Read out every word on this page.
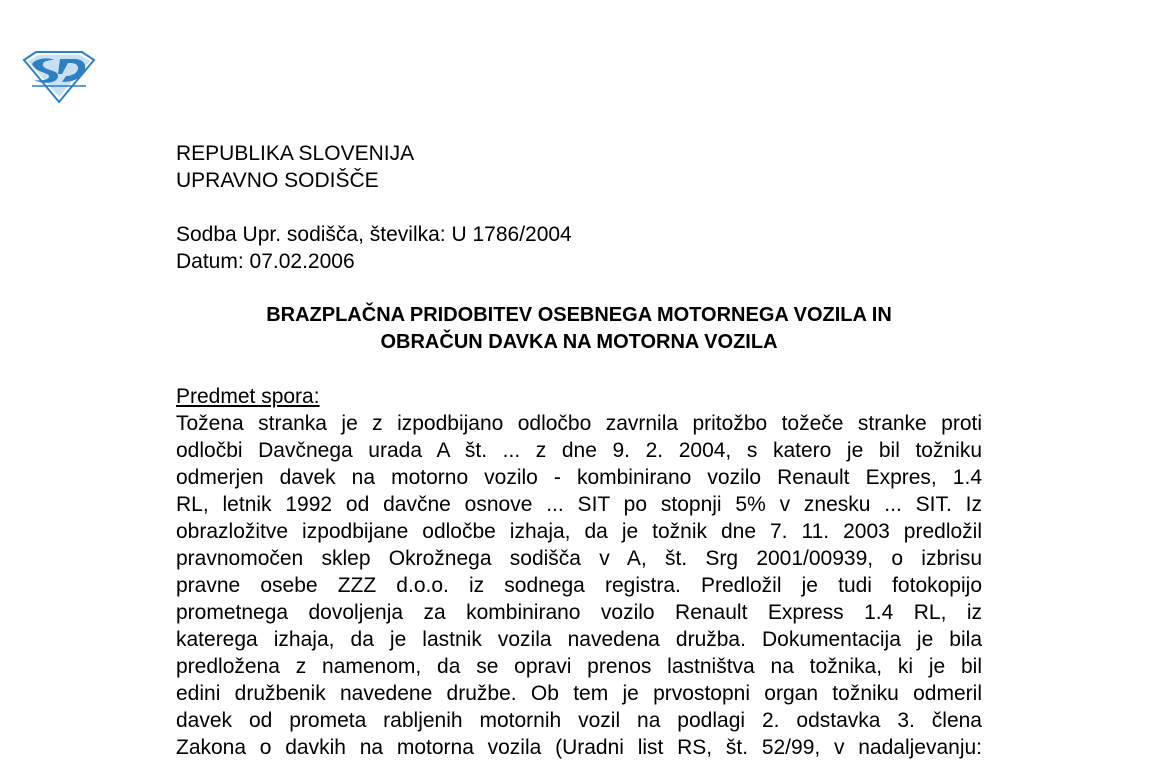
REPUBLIKA SLOVENIJA
UPRAVNO SODIŠČE
Sodba Upr. sodišča, številka: U 1786/2004
Datum: 07.02.2006
BRAZPLAČNA PRIDOBITEV OSEBNEGA MOTORNEGA VOZILA IN
OBRAČUN DAVKA NA MOTORNA VOZILA
Predmet spora:
Tožena stranka je z izpodbijano odločbo zavrnila pritožbo tožeče stranke proti
odločbi Davčnega urada A št. ... z dne 9. 2. 2004, s katero je bil tožniku
odmerjen davek na motorno vozilo - kombinirano vozilo Renault Expres, 1.4
RL, letnik 1992 od davčne osnove ... SIT po stopnji 5% v znesku ... SIT. Iz
obrazložitve izpodbijane odločbe izhaja, da je tožnik dne 7. 11. 2003 predložil
pravnomočen sklep Okrožnega sodišča v A, št. Srg 2001/00939, o izbrisu
pravne osebe ZZZ d.o.o. iz sodnega registra. Predložil je tudi fotokopijo
prometnega dovoljenja za kombinirano vozilo Renault Express 1.4 RL, iz
katerega izhaja, da je lastnik vozila navedena družba. Dokumentacija je bila
predložena z namenom, da se opravi prenos lastništva na tožnika, ki je bil
edini družbenik navedene družbe. Ob tem je prvostopni organ tožniku odmeril
davek od prometa rabljenih motornih vozil na podlagi 2. odstavka 3. člena
Zakona o davkih na motorna vozila (Uradni list RS, št. 52/99, v nadaljevanju:
